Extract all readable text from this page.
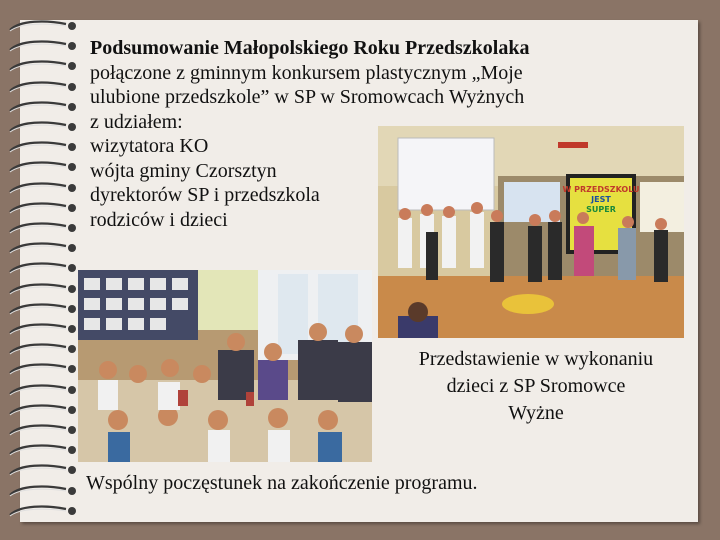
Podsumowanie Małopolskiego Roku Przedszkolaka
połączone z gminnym konkursem plastycznym „Moje
ulubione przedszkole” w SP w Sromowcach Wyżnych
z udziałem:
wizytatora KO
wójta gminy Czorsztyn
dyrektorów SP i przedszkola
rodziców i dzieci
W PRZEDSZKOLU
JEST
SUPER
Przedstawienie w wykonaniu
dzieci z SP Sromowce
Wyżne
Wspólny poczęstunek na zakończenie programu.
